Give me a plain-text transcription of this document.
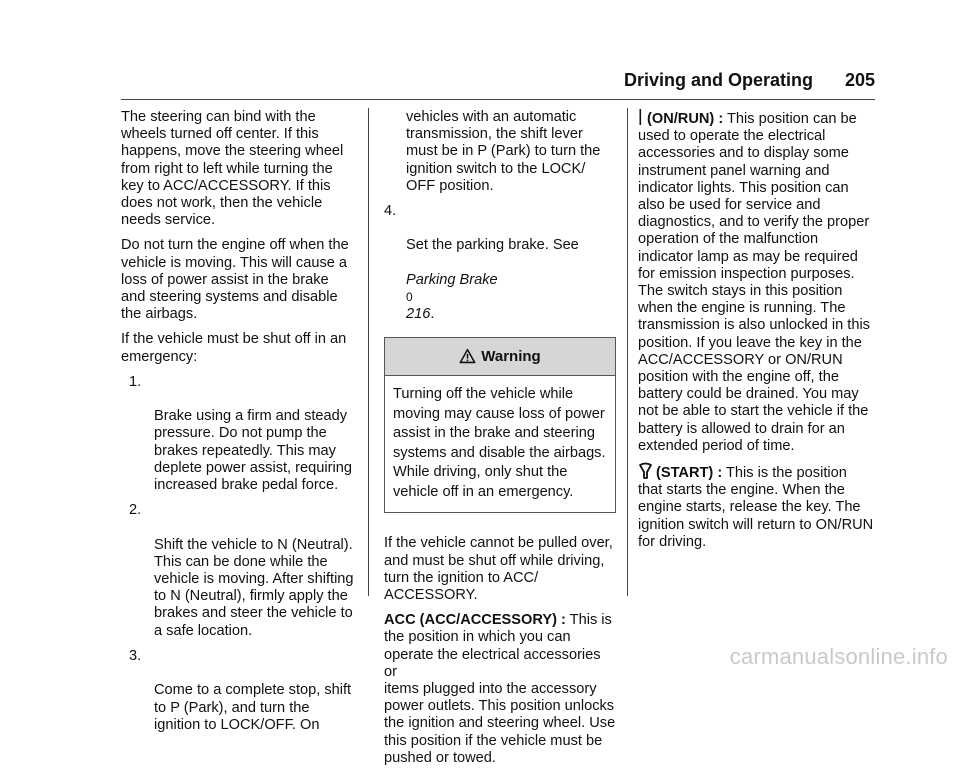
Driving and Operating 205

The steering can bind with the
wheels turned off center. If this
happens, move the steering wheel
from right to left while turning the
key to ACC/ACCESSORY. If this
does not work, then the vehicle
needs service.

Do not turn the engine off when the
vehicle is moving. This will cause a
loss of power assist in the brake
and steering systems and disable
the airbags.

If the vehicle must be shut off in an
emergency:

1.

Brake using a firm and steady
pressure. Do not pump the
brakes repeatedly. This may
deplete power assist, requiring
increased brake pedal force.

2.

Shift the vehicle to N (Neutral).
This can be done while the
vehicle is moving. After shifting
to N (Neutral), firmly apply the
brakes and steer the vehicle to
a safe location.

3.

Come to a complete stop, shift
to P (Park), and turn the
ignition to LOCK/OFF. On

vehicles with an automatic
transmission, the shift lever
must be in P (Park) to turn the
ignition switch to the LOCK/
OFF position.

4.

Set the parking brake. See

Parking Brake
0
216.

Warning
Turning off the vehicle while
moving may cause loss of power
assist in the brake and steering
systems and disable the airbags.
While driving, only shut the
vehicle off in an emergency.

If the vehicle cannot be pulled over,
and must be shut off while driving,
turn the ignition to ACC/
ACCESSORY.

ACC (ACC/ACCESSORY) : This is
the position in which you can
operate the electrical accessories or
items plugged into the accessory
power outlets. This position unlocks
the ignition and steering wheel. Use
this position if the vehicle must be
pushed or towed.

(ON/RUN) : This position can be
used to operate the electrical
accessories and to display some
instrument panel warning and
indicator lights. This position can
also be used for service and
diagnostics, and to verify the proper
operation of the malfunction
indicator lamp as may be required
for emission inspection purposes.
The switch stays in this position
when the engine is running. The
transmission is also unlocked in this
position. If you leave the key in the
ACC/ACCESSORY or ON/RUN
position with the engine off, the
battery could be drained. You may
not be able to start the vehicle if the
battery is allowed to drain for an
extended period of time.

(START) : This is the position
that starts the engine. When the
engine starts, release the key. The
ignition switch will return to ON/RUN
for driving.

carmanualsonline.info
